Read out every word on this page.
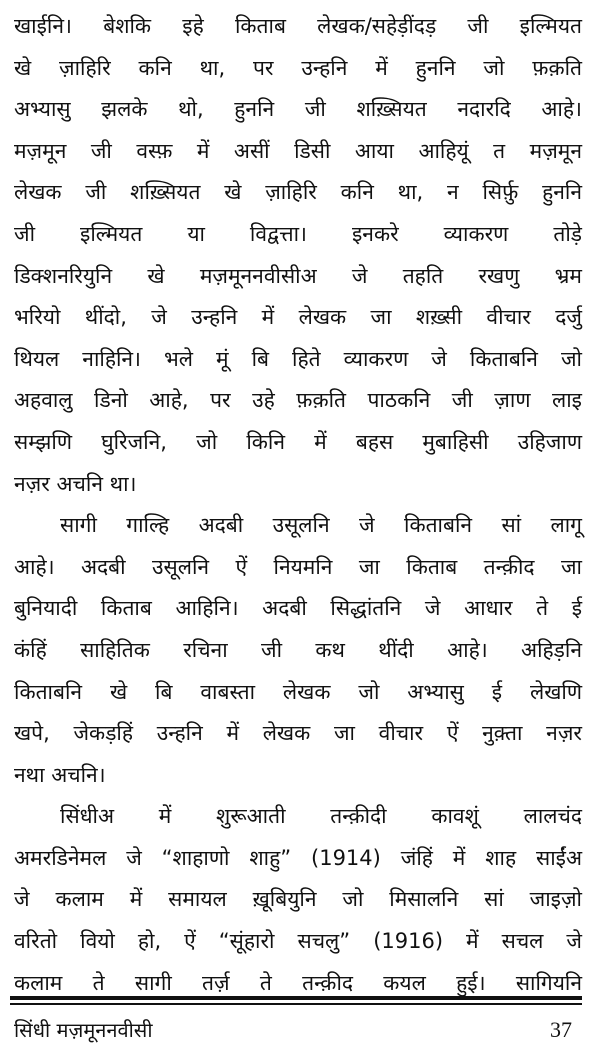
खाईनि। बेशकि इहे किताब लेखक/सहेड़ींदड़ जी इल्मियत
खे ज़ाहिरि कनि था, पर उन्हनि में हुननि जो फ़क़ति
अभ्यासु झलके थो, हुननि जी शख़्सियत नदारदि आहे।
मज़मून जी वस्फ़ में असीं डिसी आया आहियूं त मज़मून
लेखक जी शख़्सियत खे ज़ाहिरि कनि था, न सिर्फ़ु हुननि
जी इल्मियत या विद्वत्ता। इनकरे व्याकरण तोड़े
डिक्शनरियुनि खे मज़मूननवीसीअ जे तहति रखणु भ्रम
भरियो थींदो, जे उन्हनि में लेखक जा शख़्सी वीचार दर्जु
थियल नाहिनि। भले मूं बि हिते व्याकरण जे किताबनि जो
अहवालु डिनो आहे, पर उहे फ़क़ति पाठकनि जी ज़ाण लाइ
सम्झणि घुरिजनि, जो किनि में बहस मुबाहिसी उहिजाण
नज़र अचनि था।
सागी गाल्हि अदबी उसूलनि जे किताबनि सां लागू
आहे। अदबी उसूलनि ऐं नियमनि जा किताब तन्क़ीद जा
बुनियादी किताब आहिनि। अदबी सिद्धांतनि जे आधार ते ई
कंहिं साहितिक रचिना जी कथ थींदी आहे। अहिड़नि
किताबनि खे बि वाबस्ता लेखक जो अभ्यासु ई लेखणि
खपे, जेकड़हिं उन्हनि में लेखक जा वीचार ऐं नुक़्ता नज़र
नथा अचनि।
सिंधीअ में शुरूआती तन्क़ीदी कावशूं लालचंद
अमरडिनेमल जे “शाहाणो शाहु” (1914) जंहिं में शाह साईंअ
जे कलाम में समायल ख़ूबियुनि जो मिसालनि सां जाइज़ो
वरितो वियो हो, ऐं “सूंहारो सचलु” (1916) में सचल जे
कलाम ते सागी तर्ज़ ते तन्क़ीद कयल हुई। सागियनि
सिंधी मज़मूननवीसी	37
